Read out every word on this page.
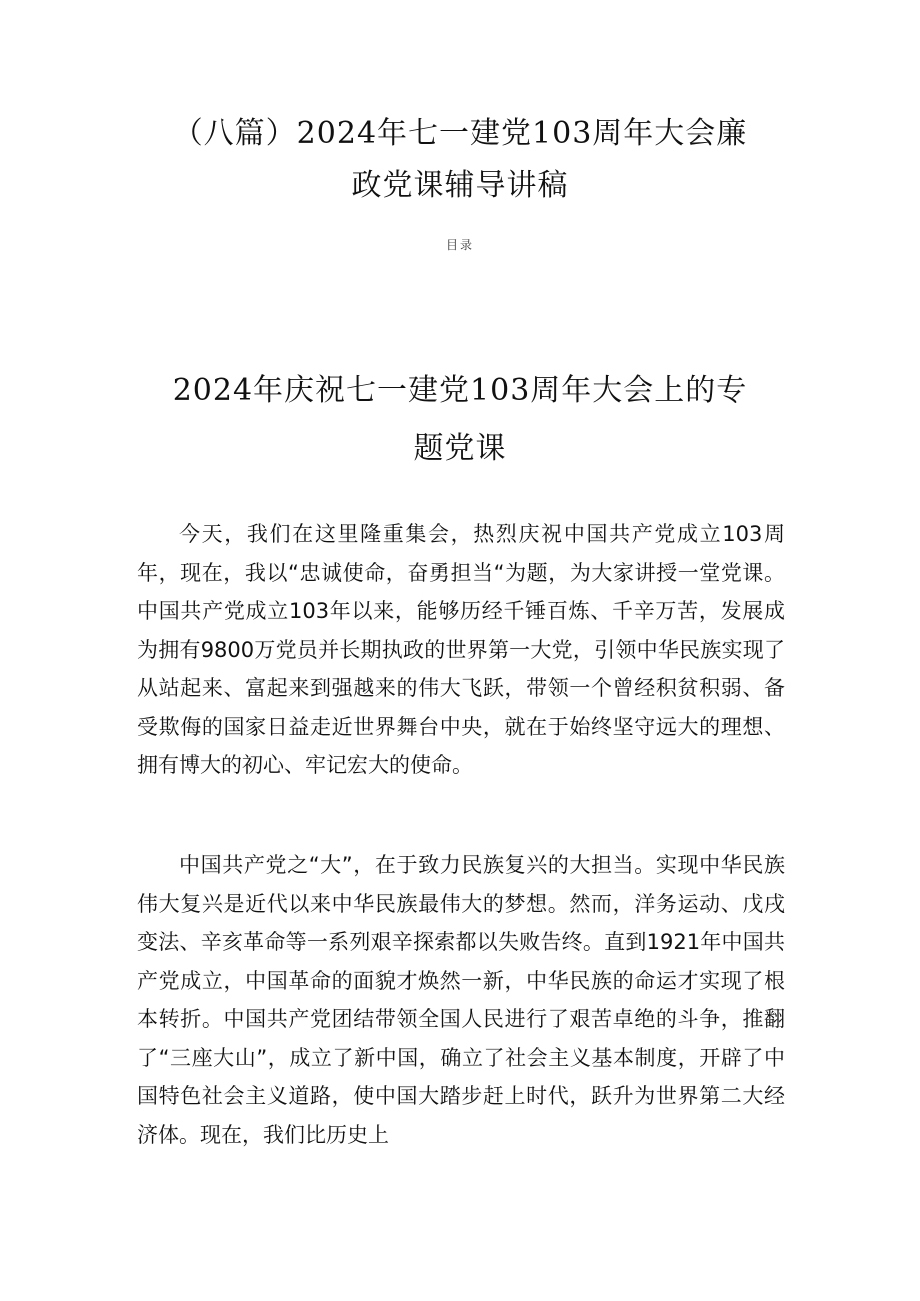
（八篇）2024年七一建党103周年大会廉
政党课辅导讲稿
目录
2024年庆祝七一建党103周年大会上的专
题党课

今天，我们在这里隆重集会，热烈庆祝中国共产党成立103周年，现在，我以“忠诚使命，奋勇担当“为题，为大家讲授一堂党课。中国共产党成立103年以来，能够历经千锤百炼、千辛万苦，发展成为拥有9800万党员并长期执政的世界第一大党，引领中华民族实现了从站起来、富起来到强越来的伟大飞跃，带领一个曾经积贫积弱、备受欺侮的国家日益走近世界舞台中央，就在于始终坚守远大的理想、拥有博大的初心、牢记宏大的使命。

中国共产党之“大”，在于致力民族复兴的大担当。实现中华民族伟大复兴是近代以来中华民族最伟大的梦想。然而，洋务运动、戊戌变法、辛亥革命等一系列艰辛探索都以失败告终。直到1921年中国共产党成立，中国革命的面貌才焕然一新，中华民族的命运才实现了根本转折。中国共产党团结带领全国人民进行了艰苦卓绝的斗争，推翻了“三座大山”，成立了新中国，确立了社会主义基本制度，开辟了中国特色社会主义道路，使中国大踏步赶上时代，跃升为世界第二大经济体。现在，我们比历史上
